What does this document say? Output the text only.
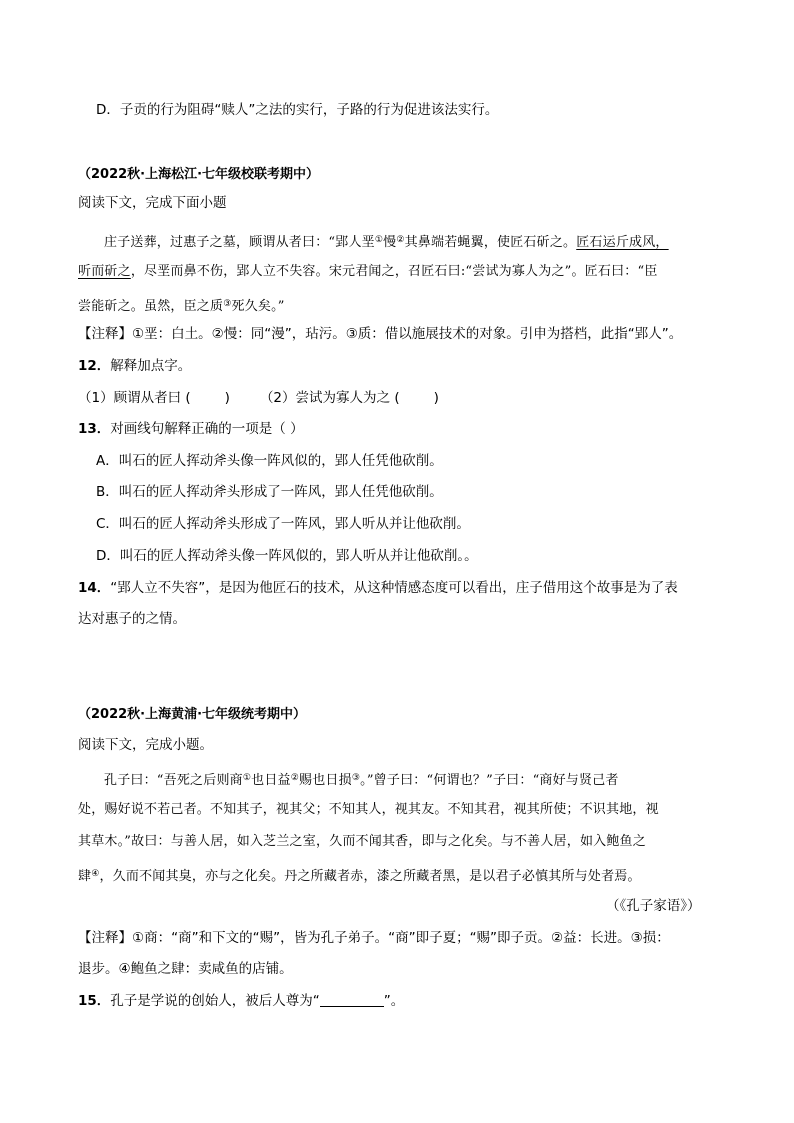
D．子贡的行为阻碍“赎人”之法的实行，子路的行为促进该法实行。
（2022秋·上海松江·七年级校联考期中）
阅读下文，完成下面小题
庄子送葬，过惠子之墓，顾谓从者曰：“郢人垩①慢②其鼻端若蝇翼，使匠石斫之。匠石运斤成风，
听而斫之，尽垩而鼻不伤，郢人立不失容。宋元君闻之，召匠石曰:“尝试为寡人为之”。匠石曰：“臣
尝能斫之。虽然，臣之质③死久矣。”
【注释】①垩：白土。②慢：同“漫”，玷污。③质：借以施展技术的对象。引申为搭档，此指“郢人”。
12．解释加点字。
（1）顾谓从者曰 (	) （2）尝试为寡人为之 (	)
13．对画线句解释正确的一项是（ ）
A．叫石的匠人挥动斧头像一阵风似的，郢人任凭他砍削。
B．叫石的匠人挥动斧头形成了一阵风，郢人任凭他砍削。
C．叫石的匠人挥动斧头形成了一阵风，郢人听从并让他砍削。
D．叫石的匠人挥动斧头像一阵风似的，郢人听从并让他砍削。。
14．“郢人立不失容”，是因为他匠石的技术，从这种情感态度可以看出，庄子借用这个故事是为了表
达对惠子的之情。
（2022秋·上海黄浦·七年级统考期中）
阅读下文，完成小题。
孔子曰：“吾死之后则商①也日益②赐也日损③。”曾子曰：“何谓也？”子曰：“商好与贤己者
处，赐好说不若己者。不知其子，视其父；不知其人，视其友。不知其君，视其所使；不识其地，视
其草木。”故曰：与善人居，如入芝兰之室，久而不闻其香，即与之化矣。与不善人居，如入鲍鱼之
肆④，久而不闻其臭，亦与之化矣。丹之所藏者赤，漆之所藏者黑，是以君子必慎其所与处者焉。
（《孔子家语》）
【注释】①商：“商”和下文的“赐”，皆为孔子弟子。“商”即子夏；“赐”即子贡。②益：长进。③损：
退步。④鲍鱼之肆：卖咸鱼的店铺。
15．孔子是学说的创始人，被后人尊为“	”。
